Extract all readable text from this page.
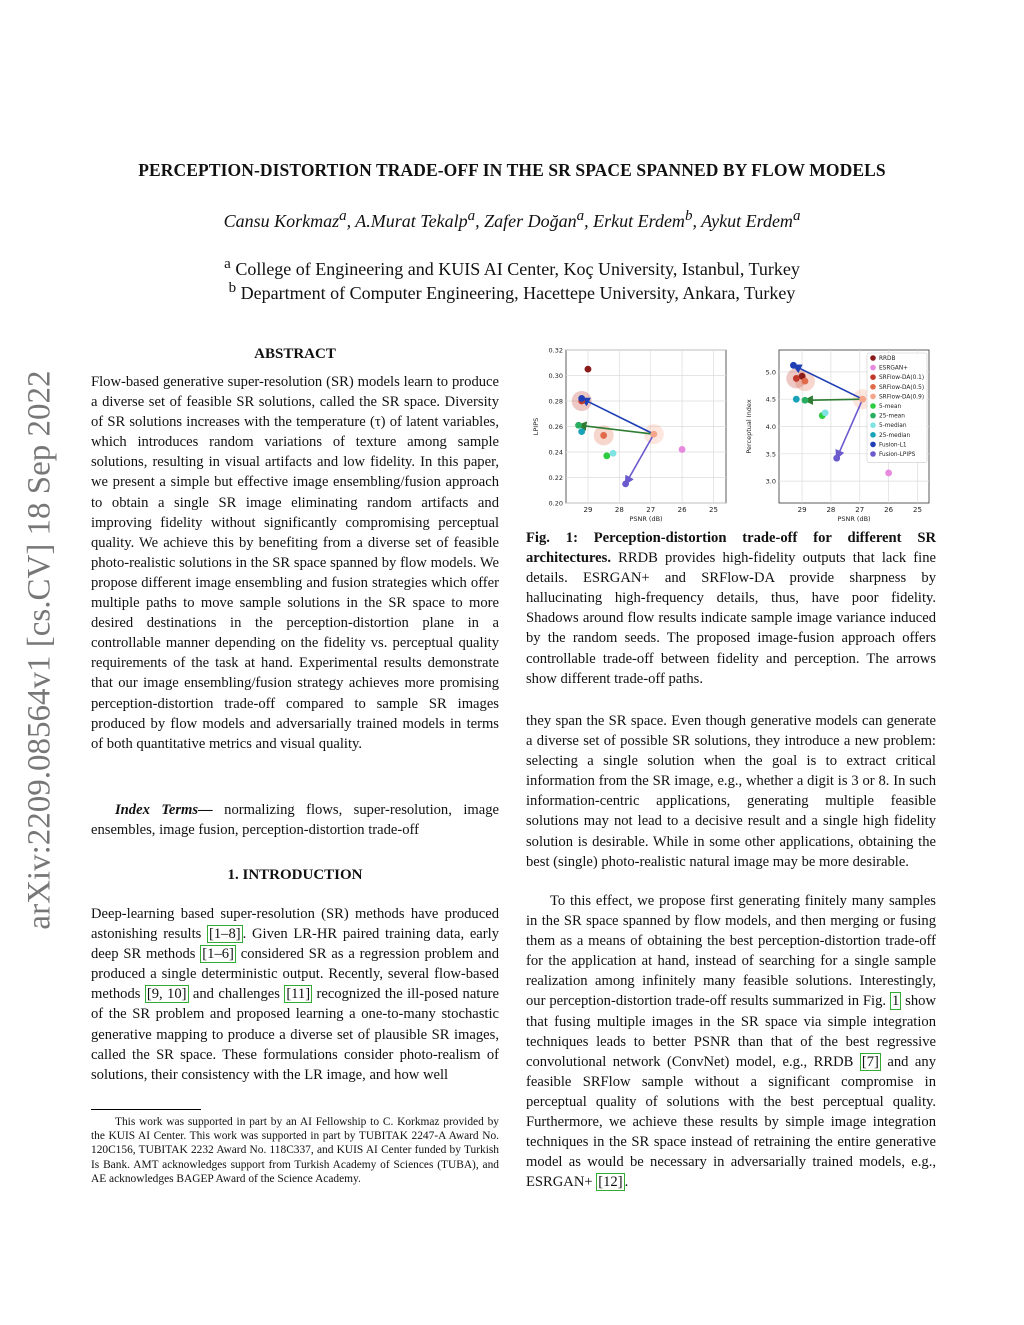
PERCEPTION-DISTORTION TRADE-OFF IN THE SR SPACE SPANNED BY FLOW MODELS
Cansu Korkmaz$^a$, A.Murat Tekalp$^a$, Zafer Doğan$^a$, Erkut Erdem$^b$, Aykut Erdem$^a$
$^a$ College of Engineering and KUIS AI Center, Koç University, Istanbul, Turkey
$^b$ Department of Computer Engineering, Hacettepe University, Ankara, Turkey
arXiv:2209.08564v1 [cs.CV] 18 Sep 2022
ABSTRACT
Flow-based generative super-resolution (SR) models learn to produce a diverse set of feasible SR solutions, called the SR space. Diversity of SR solutions increases with the temperature (τ) of latent variables, which introduces random variations of texture among sample solutions, resulting in visual artifacts and low fidelity. In this paper, we present a simple but effective image ensembling/fusion approach to obtain a single SR image eliminating random artifacts and improving fidelity without significantly compromising perceptual quality. We achieve this by benefiting from a diverse set of feasible photo-realistic solutions in the SR space spanned by flow models. We propose different image ensembling and fusion strategies which offer multiple paths to move sample solutions in the SR space to more desired destinations in the perception-distortion plane in a controllable manner depending on the fidelity vs. perceptual quality requirements of the task at hand. Experimental results demonstrate that our image ensembling/fusion strategy achieves more promising perception-distortion trade-off compared to sample SR images produced by flow models and adversarially trained models in terms of both quantitative metrics and visual quality.
Index Terms— normalizing flows, super-resolution, image ensembles, image fusion, perception-distortion trade-off
1. INTRODUCTION
Deep-learning based super-resolution (SR) methods have produced astonishing results [1–8] . Given LR-HR paired training data, early deep SR methods [1–6] considered SR as a regression problem and produced a single deterministic output. Recently, several flow-based methods [9, 10] and challenges [11] recognized the ill-posed nature of the SR problem and proposed learning a one-to-many stochastic generative mapping to produce a diverse set of plausible SR images, called the SR space. These formulations consider photo-realism of solutions, their consistency with the LR image, and how well
This work was supported in part by an AI Fellowship to C. Korkmaz provided by the KUIS AI Center. This work was supported in part by TUBITAK 2247-A Award No. 120C156, TUBITAK 2232 Award No. 118C337, and KUIS AI Center funded by Turkish Is Bank. AMT acknowledges support from Turkish Academy of Sciences (TUBA), and AE acknowledges BAGEP Award of the Science Academy.
29	28	27	26	25
0.20
0.22
0.24
0.26
0.28
0.30
0.32
PSNR (dB)
LPIPS
29	28	27	26	25
3.0
3.5
4.0
4.5
5.0
PSNR (dB)
Perceptual Index
RRDB
ESRGAN+
SRFlow-DA(0.1)
SRFlow-DA(0.5)
SRFlow-DA(0.9)
5-mean
25-mean
5-median
25-median
Fusion-L1
Fusion-LPIPS
Fig. 1: Perception-distortion trade-off for different SR architectures. RRDB provides high-fidelity outputs that lack fine details. ESRGAN+ and SRFlow-DA provide sharpness by hallucinating high-frequency details, thus, have poor fidelity. Shadows around flow results indicate sample image variance induced by the random seeds. The proposed image-fusion approach offers controllable trade-off between fidelity and perception. The arrows show different trade-off paths.
they span the SR space. Even though generative models can generate a diverse set of possible SR solutions, they introduce a new problem: selecting a single solution when the goal is to extract critical information from the SR image, e.g., whether a digit is 3 or 8. In such information-centric applications, generating multiple feasible solutions may not lead to a decisive result and a single high fidelity solution is desirable. While in some other applications, obtaining the best (single) photo-realistic natural image may be more desirable.
To this effect, we propose first generating finitely many samples in the SR space spanned by flow models, and then merging or fusing them as a means of obtaining the best perception-distortion trade-off for the application at hand, instead of searching for a single sample realization among infinitely many feasible solutions. Interestingly, our perception-distortion trade-off results summarized in Fig. 1 show that fusing multiple images in the SR space via simple integration techniques leads to better PSNR than that of the best regressive convolutional network (ConvNet) model, e.g., RRDB [7] and any feasible SRFlow sample without a significant compromise in perceptual quality of solutions with the best perceptual quality. Furthermore, we achieve these results by simple image integration techniques in the SR space instead of retraining the entire generative model as would be necessary in adversarially trained models, e.g., ESRGAN+ [12] .
